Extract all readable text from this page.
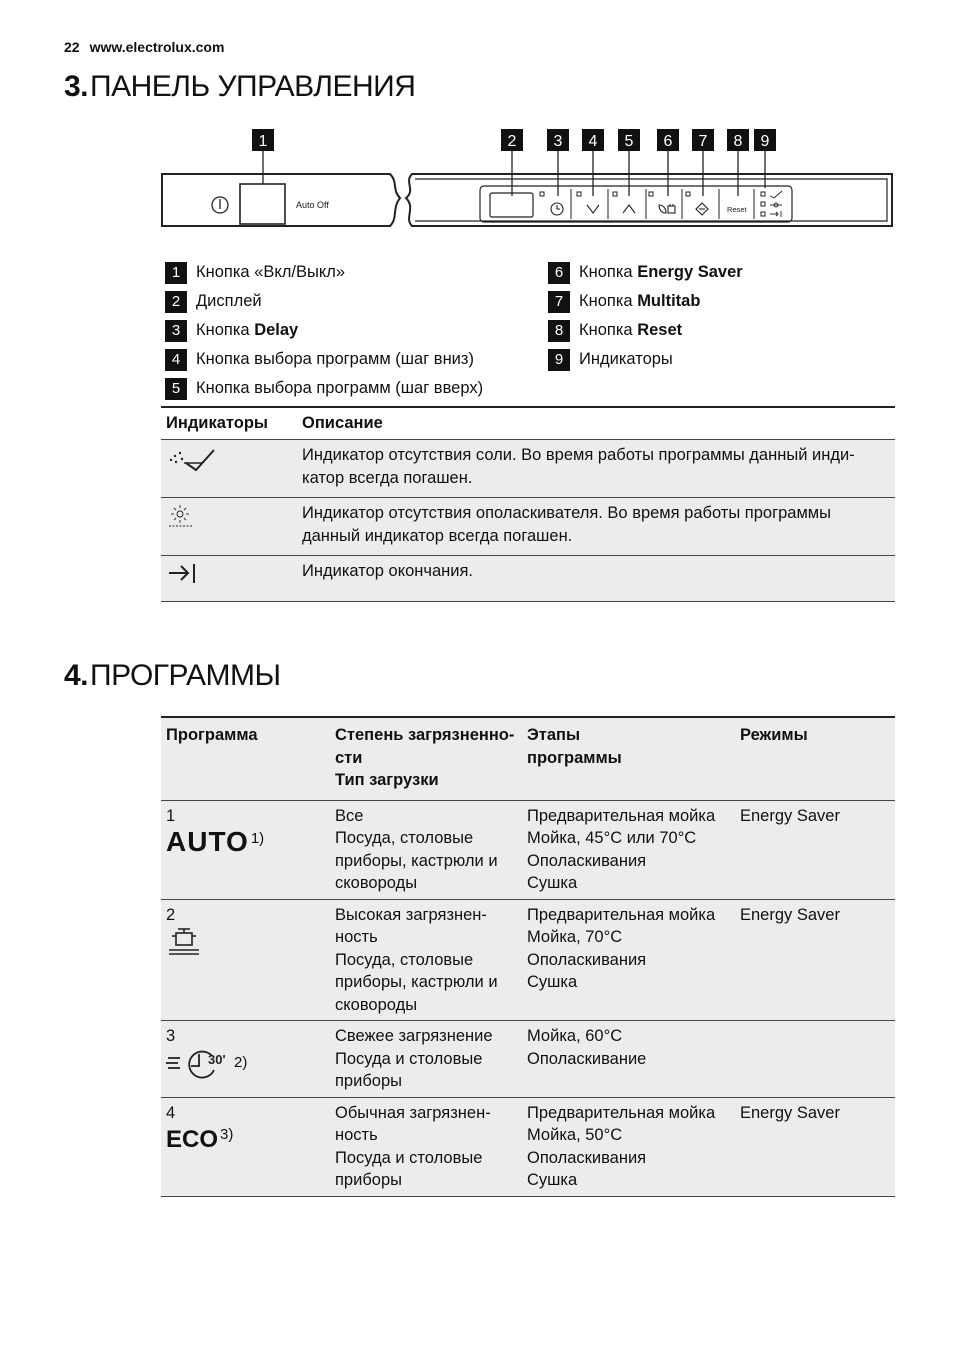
22 www.electrolux.com
3.ПАНЕЛЬ УПРАВЛЕНИЯ
1	2 3 4 5 6 7 8 9
Auto Off	Reset
1 Кнопка «Вкл/Выкл»
2 Дисплей
3 Кнопка Delay
4 Кнопка выбора программ (шаг вниз)
5 Кнопка выбора программ (шаг вверх)
6 Кнопка Energy Saver
7 Кнопка Multitab
8 Кнопка Reset
9 Индикаторы
Индикаторы	Описание

Индикатор отсутствия соли. Во время работы программы данный инди-
катор всегда погашен.

Индикатор отсутствия ополаскивателя. Во время работы программы
данный индикатор всегда погашен.

Индикатор окончания.
4.ПРОГРАММЫ
Программа	Степень загрязненно-
сти
Тип загрузки	Этапы
программы	Режимы

1
AUTO 1)	Все
Посуда, столовые
приборы, кастрюли и
сковороды	Предварительная мойка
Мойка, 45°C или 70°C
Ополаскивания
Сушка	Energy Saver

2	Высокая загрязнен-
ность
Посуда, столовые
приборы, кастрюли и
сковороды	Предварительная мойка
Мойка, 70°C
Ополаскивания
Сушка	Energy Saver

3
30' 2)	Свежее загрязнение
Посуда и столовые
приборы	Мойка, 60°C
Ополаскивание	

4
ECO 3)	Обычная загрязнен-
ность
Посуда и столовые
приборы	Предварительная мойка
Мойка, 50°C
Ополаскивания
Сушка	Energy Saver
